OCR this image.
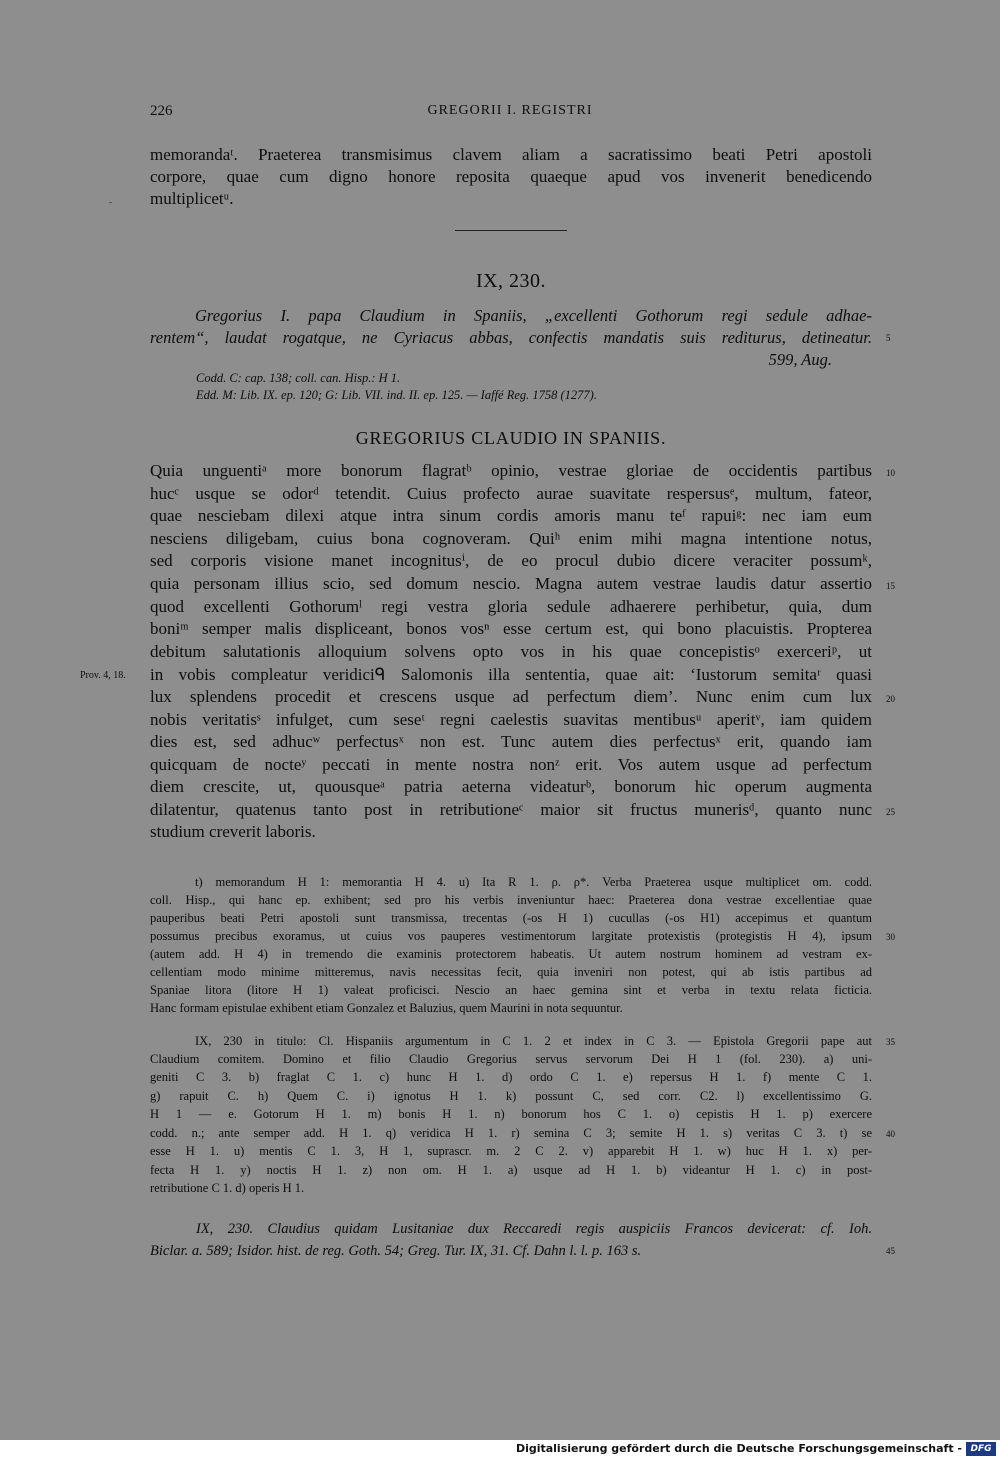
226	GREGORII I. REGISTRI
memorandaᵗ. Praeterea transmisimus clavem aliam a sacratissimo beati Petri apostoli
corpore, quae cum digno honore reposita quaeque apud vos invenerit benedicendo
multiplicetᵘ.
IX, 230.
Gregorius I. papa Claudium in Spaniis, „excellenti Gothorum regi sedule adhae-
rentem“, laudat rogatque, ne Cyriacus abbas, confectis mandatis suis rediturus, detineatur.
599, Aug.
5
Codd. C: cap. 138; coll. can. Hisp.: H 1.
Edd. M: Lib. IX. ep. 120; G: Lib. VII. ind. II. ep. 125. — Iaffé Reg. 1758 (1277).
GREGORIUS CLAUDIO IN SPANIIS.
Quia unguentiᵃ more bonorum flagratᵇ opinio, vestrae gloriae de occidentis partibus
hucᶜ usque se odorᵈ tetendit. Cuius profecto aurae suavitate respersusᵉ, multum, fateor,
quae nesciebam dilexi atque intra sinum cordis amoris manu teᶠ rapuiᵍ: nec iam eum
nesciens diligebam, cuius bona cognoveram. Quiʰ enim mihi magna intentione notus,
sed corporis visione manet incognitusⁱ, de eo procul dubio dicere veraciter possumᵏ,
quia personam illius scio, sed domum nescio. Magna autem vestrae laudis datur assertio
quod excellenti Gothorumˡ regi vestra gloria sedule adhaerere perhibetur, quia, dum
boniᵐ semper malis displiceant, bonos vosⁿ esse certum est, qui bono placuistis. Propterea
debitum salutationis alloquium solvens opto vos in his quae concepistisᵒ exerceriᵖ, ut
in vobis compleatur veridiciᑫ Salomonis illa sententia, quae ait: ‘Iustorum semitaʳ quasi
lux splendens procedit et crescens usque ad perfectum diem’. Nunc enim cum lux
nobis veritatisˢ infulget, cum seseᵗ regni caelestis suavitas mentibusᵘ aperitᵛ, iam quidem
dies est, sed adhucʷ perfectusˣ non est. Tunc autem dies perfectusˣ erit, quando iam
quicquam de nocteʸ peccati in mente nostra nonᶻ erit. Vos autem usque ad perfectum
diem crescite, ut, quousqueᵃ patria aeterna videaturᵇ, bonorum hic operum augmenta
dilatentur, quatenus tanto post in retributioneᶜ maior sit fructus munerisᵈ, quanto nunc
studium creverit laboris.
10
15
20
25
Prov. 4, 18.
t) memorandum H 1: memorantia H 4. u) Ita R 1. ρ. ρ*. Verba Praeterea usque multiplicet om. codd.
coll. Hisp., qui hanc ep. exhibent; sed pro his verbis inveniuntur haec: Praeterea dona vestrae excellentiae quae
pauperibus beati Petri apostoli sunt transmissa, trecentas (-os H 1) cucullas (-os H1) accepimus et quantum
possumus precibus exoramus, ut cuius vos pauperes vestimentorum largitate protexistis (protegistis H 4), ipsum
(autem add. H 4) in tremendo die examinis protectorem habeatis. Ut autem nostrum hominem ad vestram ex-
cellentiam modo minime mitteremus, navis necessitas fecit, quia inveniri non potest, qui ab istis partibus ad
Spaniae litora (litore H 1) valeat proficisci. Nescio an haec gemina sint et verba in textu relata ficticia.
Hanc formam epistulae exhibent etiam Gonzalez et Baluzius, quem Maurini in nota sequuntur.
30
IX, 230 in titulo: Cl. Hispaniis argumentum in C 1. 2 et index in C 3. — Epistola Gregorii pape aut
Claudium comitem. Domino et filio Claudio Gregorius servus servorum Dei H 1 (fol. 230). a) uni-
geniti C 3. b) fraglat C 1. c) hunc H 1. d) ordo C 1. e) repersus H 1. f) mente C 1.
g) rapuit C. h) Quem C. i) ignotus H 1. k) possunt C, sed corr. C2. l) excellentissimo G.
H 1 — e. Gotorum H 1. m) bonis H 1. n) bonorum hos C 1. o) cepistis H 1. p) exercere
codd. n.; ante semper add. H 1. q) veridica H 1. r) semina C 3; semite H 1. s) veritas C 3. t) se
esse H 1. u) mentis C 1. 3, H 1, suprascr. m. 2 C 2. v) apparebit H 1. w) huc H 1. x) per-
fecta H 1. y) noctis H 1. z) non om. H 1. a) usque ad H 1. b) videantur H 1. c) in post-
retributione C 1. d) operis H 1.
35
40
IX, 230. Claudius quidam Lusitaniae dux Reccaredi regis auspiciis Francos devicerat: cf. Ioh.
Biclar. a. 589; Isidor. hist. de reg. Goth. 54; Greg. Tur. IX, 31. Cf. Dahn l. l. p. 163 s.	45
Digitalisierung gefördert durch die Deutsche Forschungsgemeinschaft - DFG
